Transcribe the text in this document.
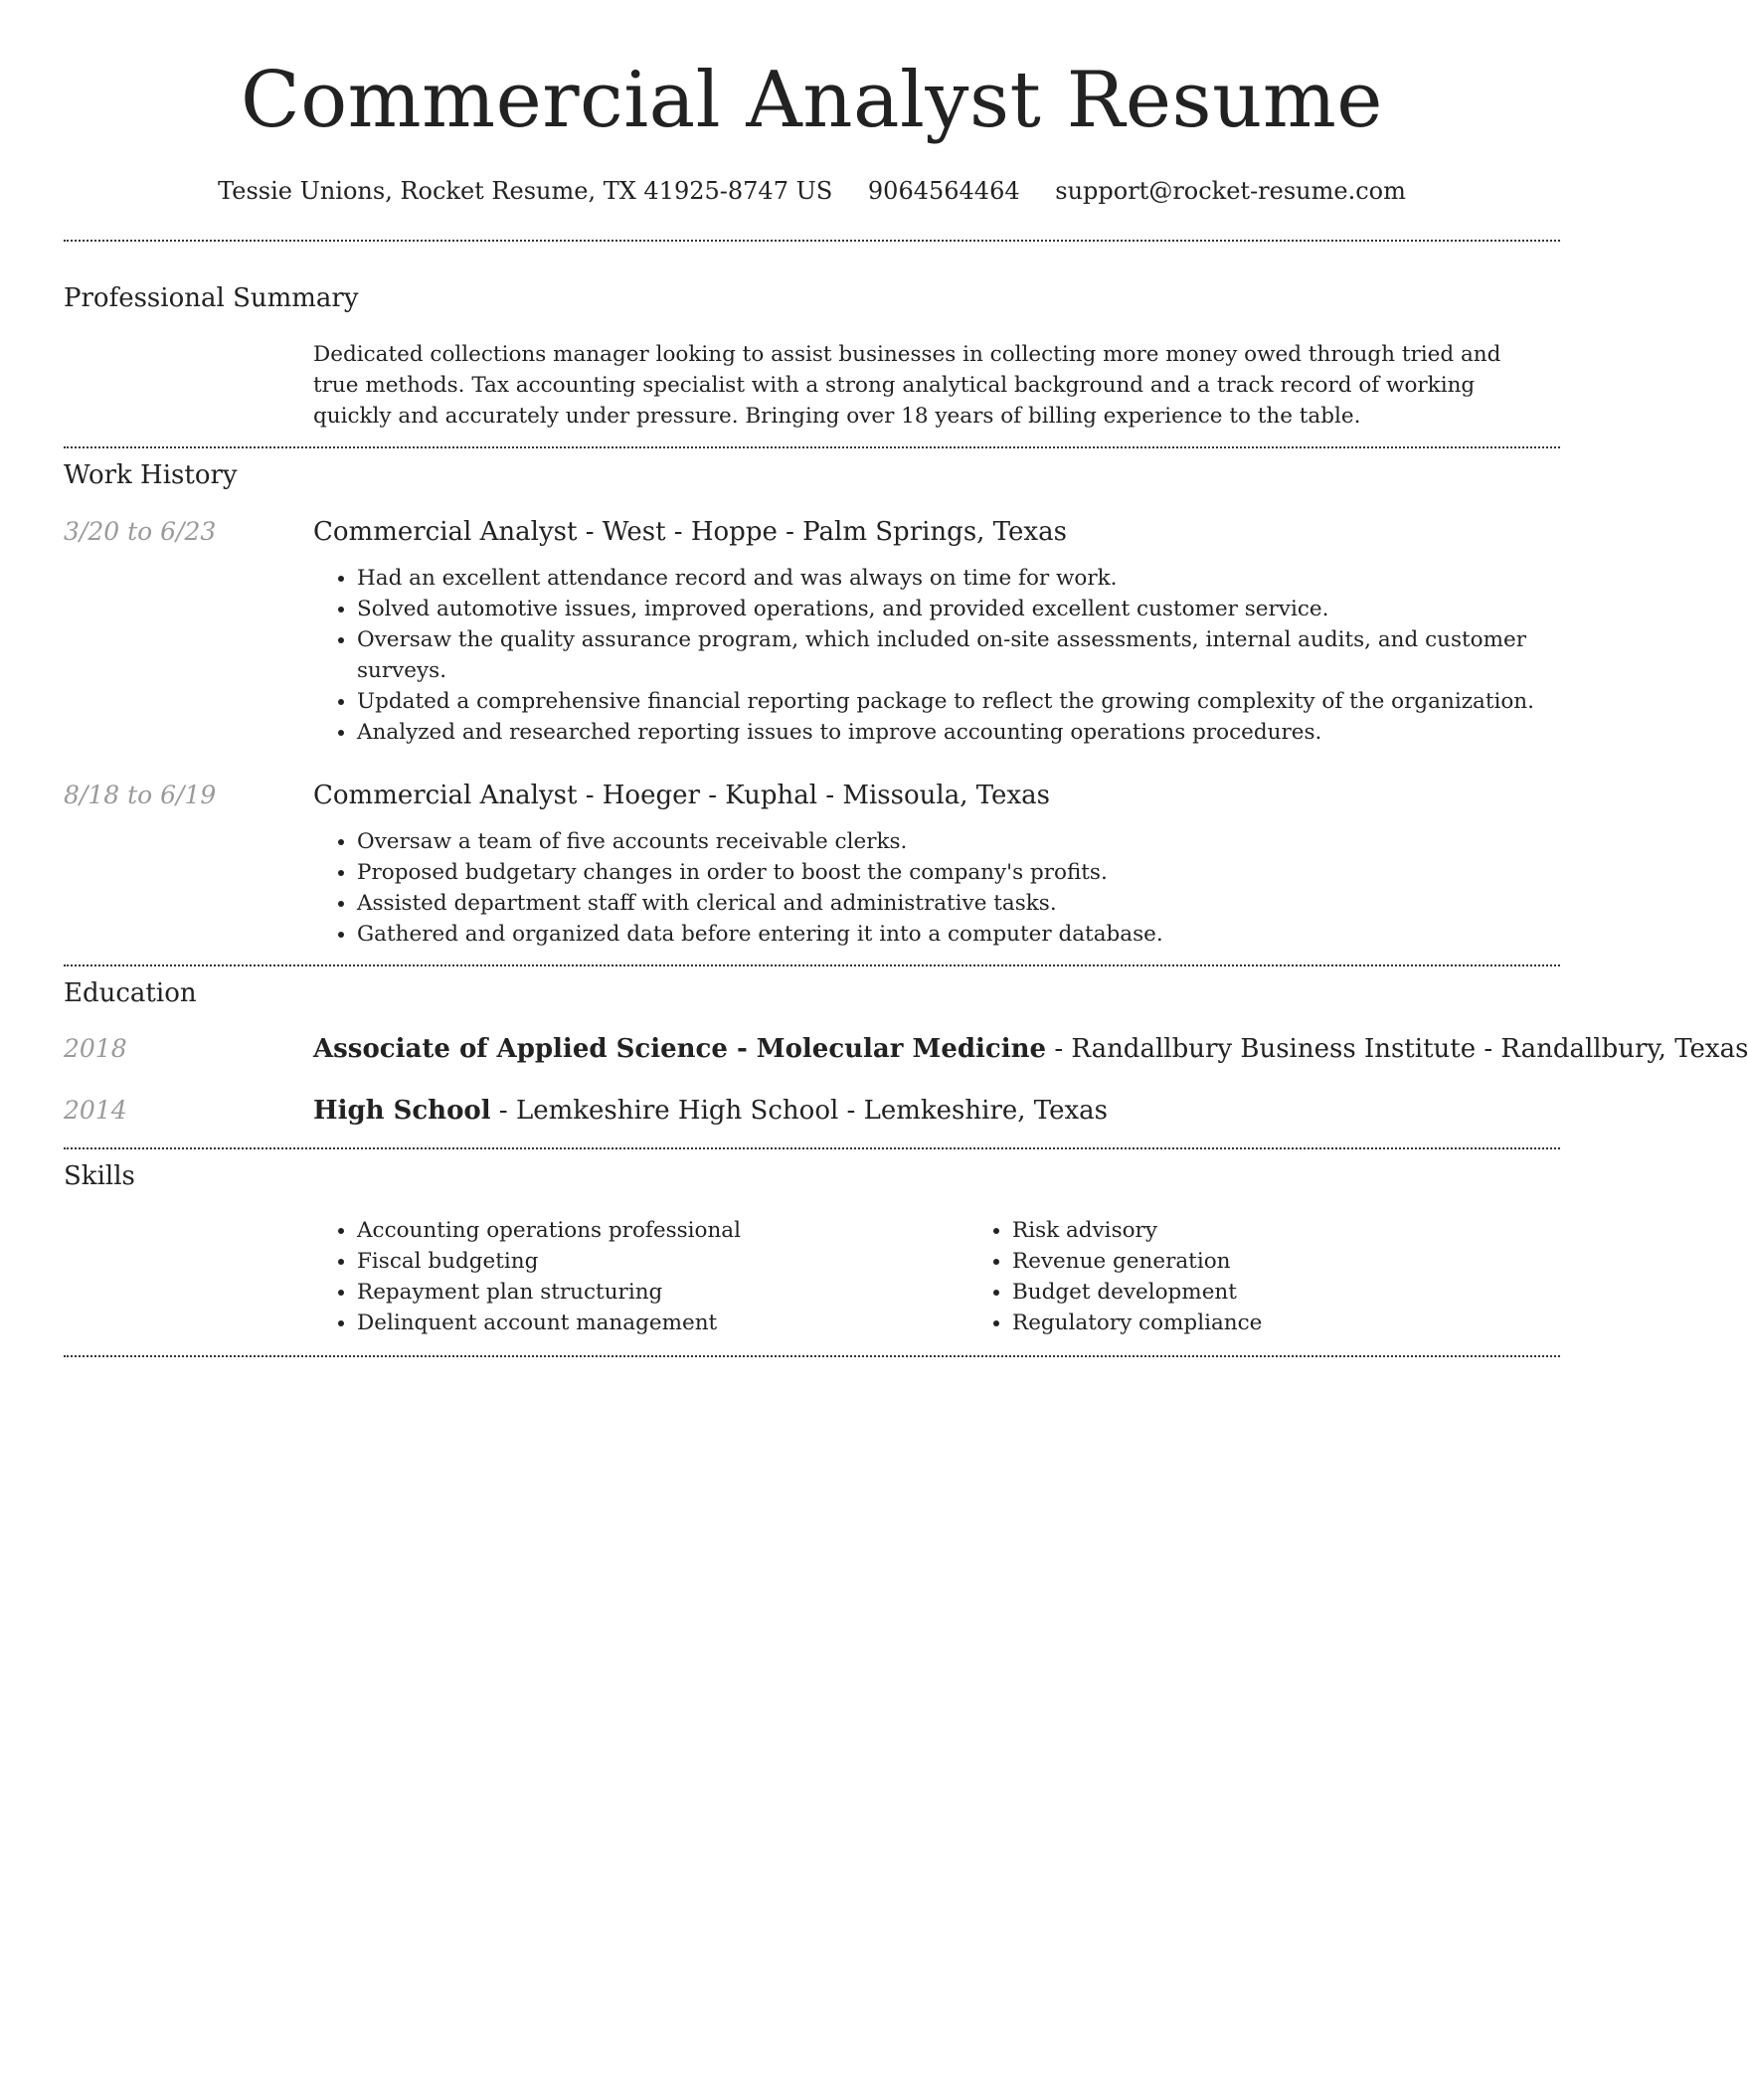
Commercial Analyst Resume
Tessie Unions, Rocket Resume, TX 41925-8747 US 9064564464 support@rocket-resume.com
Professional Summary
Dedicated collections manager looking to assist businesses in collecting more money owed through tried and true methods. Tax accounting specialist with a strong analytical background and a track record of working quickly and accurately under pressure. Bringing over 18 years of billing experience to the table.
Work History
3/20 to 6/23	Commercial Analyst - West - Hoppe - Palm Springs, Texas
• Had an excellent attendance record and was always on time for work.
• Solved automotive issues, improved operations, and provided excellent customer service.
• Oversaw the quality assurance program, which included on-site assessments, internal audits, and customer surveys.
• Updated a comprehensive financial reporting package to reflect the growing complexity of the organization.
• Analyzed and researched reporting issues to improve accounting operations procedures.
8/18 to 6/19	Commercial Analyst - Hoeger - Kuphal - Missoula, Texas
• Oversaw a team of five accounts receivable clerks.
• Proposed budgetary changes in order to boost the company's profits.
• Assisted department staff with clerical and administrative tasks.
• Gathered and organized data before entering it into a computer database.
Education
2018	Associate of Applied Science - Molecular Medicine - Randallbury Business Institute - Randallbury, Texas
2014	High School - Lemkeshire High School - Lemkeshire, Texas
Skills
• Accounting operations professional
• Fiscal budgeting
• Repayment plan structuring
• Delinquent account management
• Risk advisory
• Revenue generation
• Budget development
• Regulatory compliance
